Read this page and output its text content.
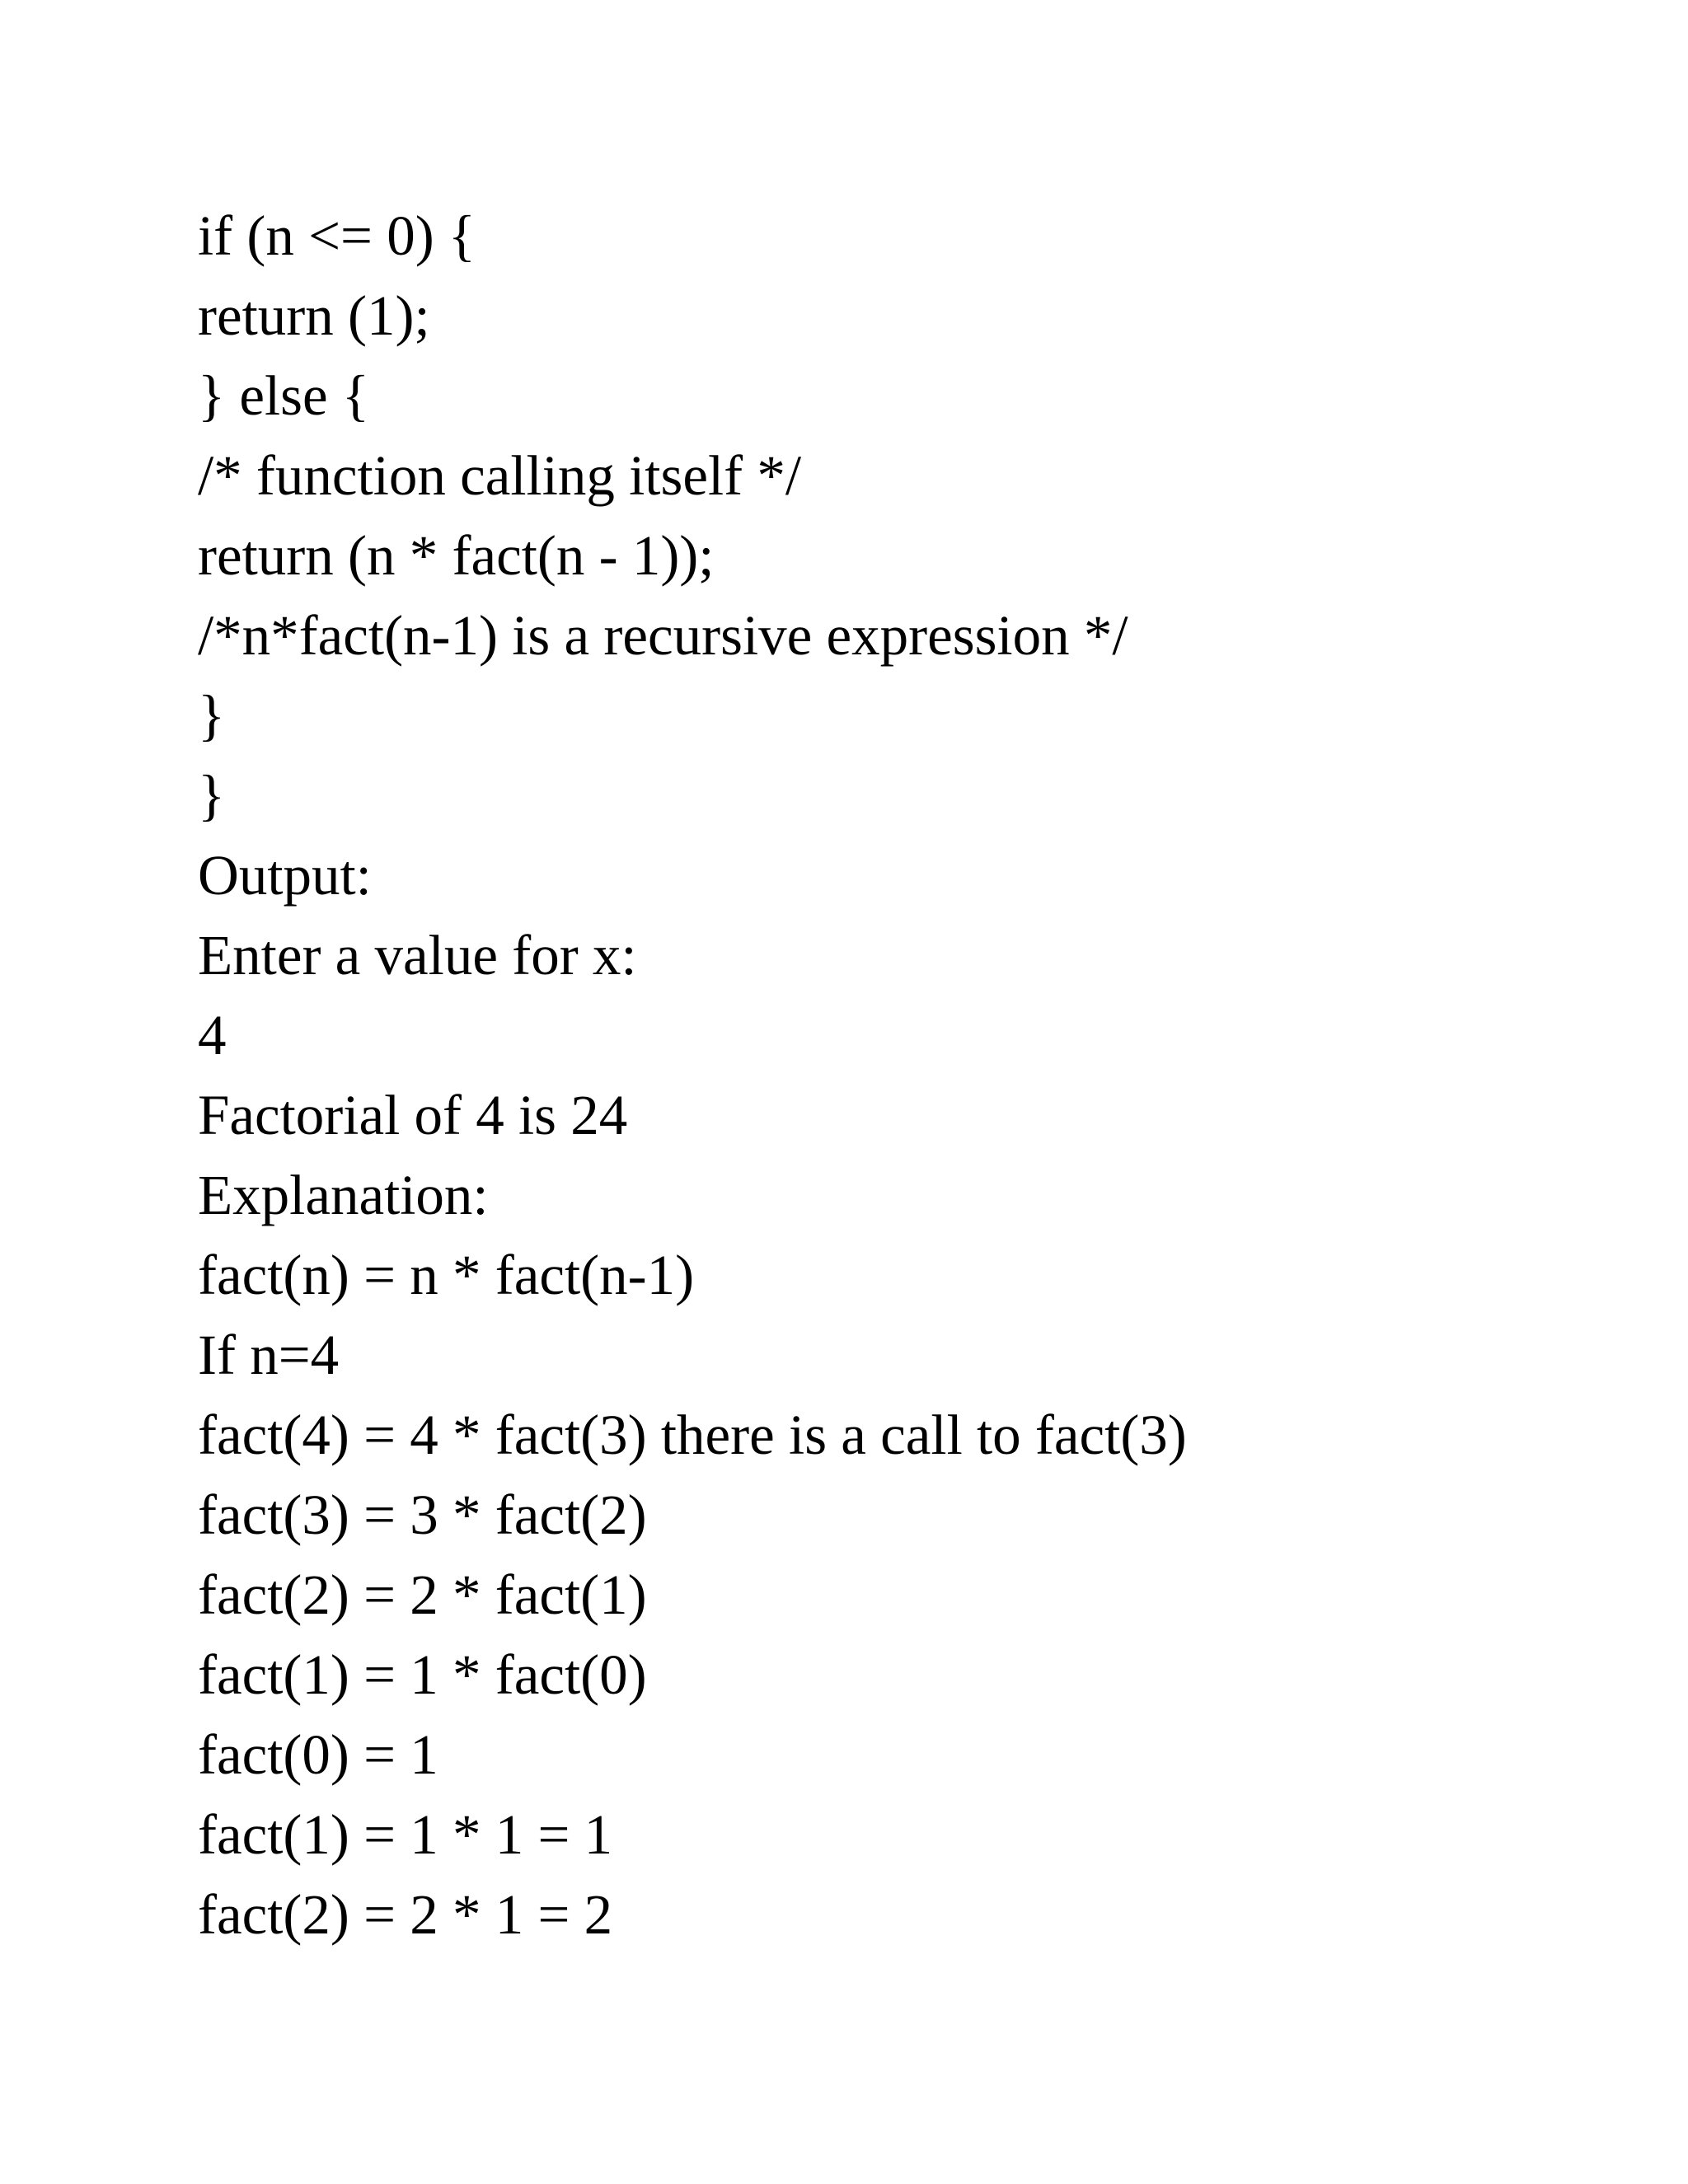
if (n <= 0) {
return (1);
} else {
/* function calling itself */
return (n * fact(n - 1));
/*n*fact(n-1) is a recursive expression */
}
}
Output:
Enter a value for x:
4
Factorial of 4 is 24
Explanation:
fact(n) = n * fact(n-1)
If n=4
fact(4) = 4 * fact(3) there is a call to fact(3)
fact(3) = 3 * fact(2)
fact(2) = 2 * fact(1)
fact(1) = 1 * fact(0)
fact(0) = 1
fact(1) = 1 * 1 = 1
fact(2) = 2 * 1 = 2
